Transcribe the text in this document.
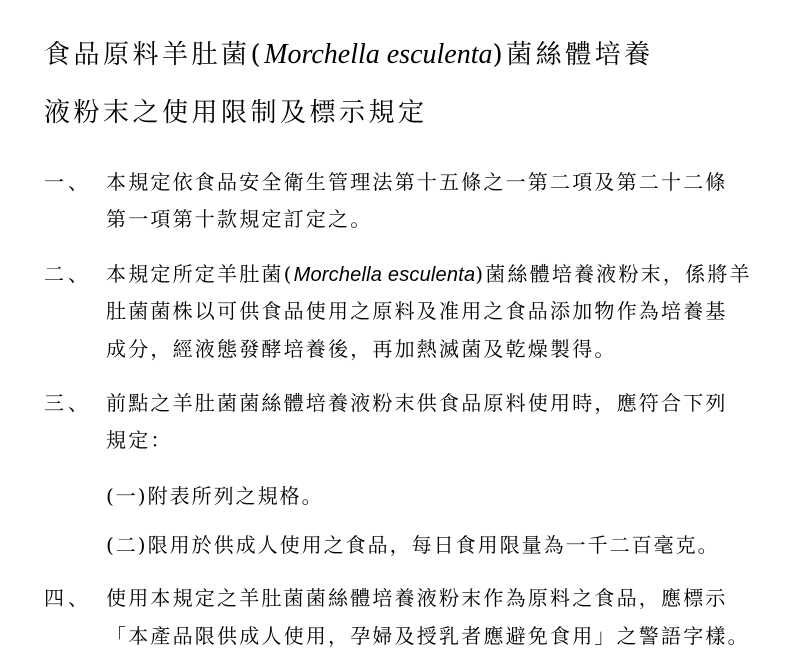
食品原料羊肚菌(Morchella esculenta)菌絲體培養
液粉末之使用限制及標示規定
一、 本規定依食品安全衛生管理法第十五條之一第二項及第二十二條
第一項第十款規定訂定之。
二、 本規定所定羊肚菌(Morchella esculenta)菌絲體培養液粉末，係將羊
肚菌菌株以可供食品使用之原料及准用之食品添加物作為培養基
成分，經液態發酵培養後，再加熱滅菌及乾燥製得。
三、 前點之羊肚菌菌絲體培養液粉末供食品原料使用時，應符合下列
規定：
(一)附表所列之規格。
(二)限用於供成人使用之食品，每日食用限量為一千二百毫克。
四、 使用本規定之羊肚菌菌絲體培養液粉末作為原料之食品，應標示
「本產品限供成人使用，孕婦及授乳者應避免食用」之警語字樣。
